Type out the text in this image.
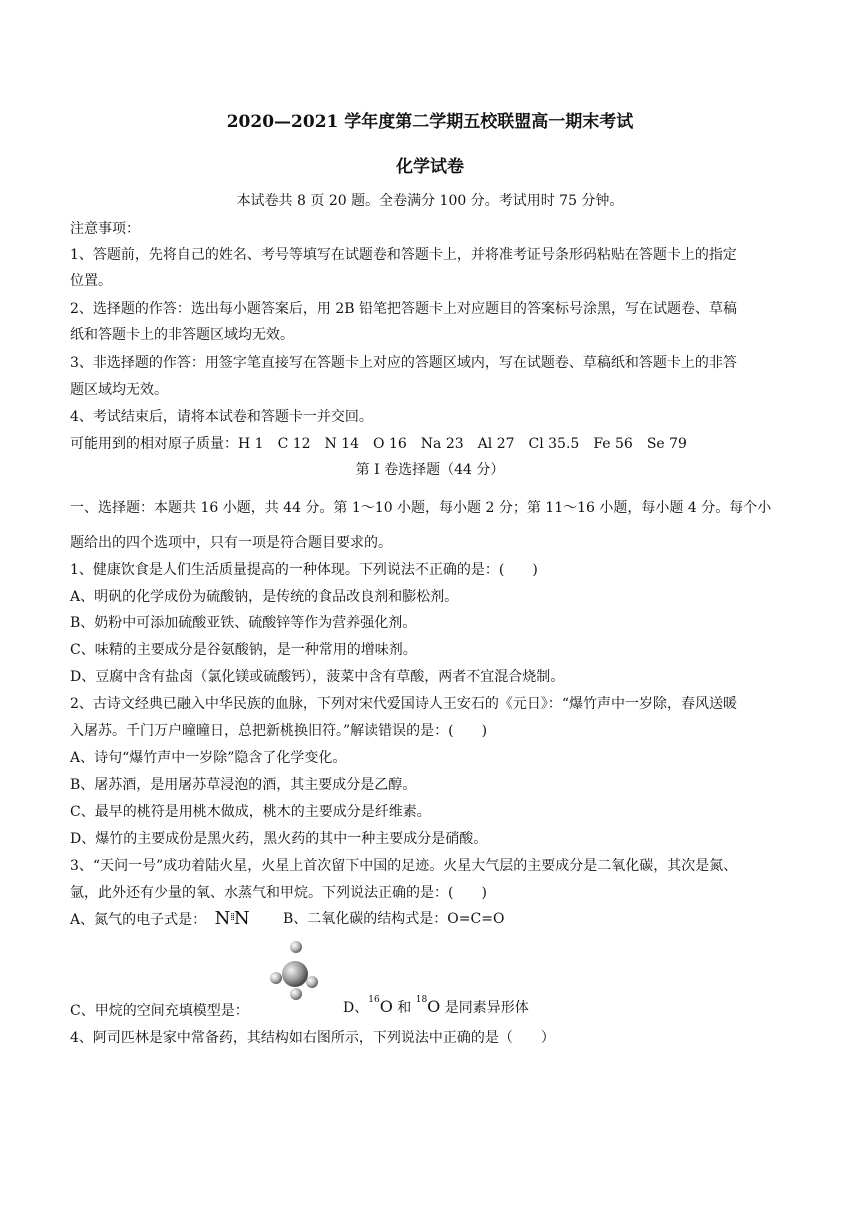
2020—2021 学年度第二学期五校联盟高一期末考试
化学试卷
本试卷共 8 页 20 题。全卷满分 100 分。考试用时 75 分钟。
注意事项：
1、答题前，先将自己的姓名、考号等填写在试题卷和答题卡上，并将准考证号条形码粘贴在答题卡上的指定
位置。
2、选择题的作答：选出每小题答案后，用 2B 铅笔把答题卡上对应题目的答案标号涂黑，写在试题卷、草稿
纸和答题卡上的非答题区域均无效。
3、非选择题的作答：用签字笔直接写在答题卡上对应的答题区域内，写在试题卷、草稿纸和答题卡上的非答
题区域均无效。
4、考试结束后，请将本试卷和答题卡一并交回。
可能用到的相对原子质量：H 1　C 12　N 14　O 16　Na 23　Al 27　Cl 35.5　Fe 56　Se 79
第 Ⅰ 卷选择题（44 分）
一、选择题：本题共 16 小题，共 44 分。第 1～10 小题，每小题 2 分；第 11～16 小题，每小题 4 分。每个小
题给出的四个选项中，只有一项是符合题目要求的。
1、健康饮食是人们生活质量提高的一种体现。下列说法不正确的是：(　　)
A、明矾的化学成份为硫酸钠，是传统的食品改良剂和膨松剂。
B、奶粉中可添加硫酸亚铁、硫酸锌等作为营养强化剂。
C、味精的主要成分是谷氨酸钠，是一种常用的增味剂。
D、豆腐中含有盐卤（氯化镁或硫酸钙），菠菜中含有草酸，两者不宜混合烧制。
2、古诗文经典已融入中华民族的血脉，下列对宋代爱国诗人王安石的《元日》：“爆竹声中一岁除，春风送暖
入屠苏。千门万户曈曈日，总把新桃换旧符。”解读错误的是：(　　)
A、诗句“爆竹声中一岁除”隐含了化学变化。
B、屠苏酒，是用屠苏草浸泡的酒，其主要成分是乙醇。
C、最早的桃符是用桃木做成，桃木的主要成分是纤维素。
D、爆竹的主要成份是黑火药，黑火药的其中一种主要成分是硝酸。
3、“天问一号”成功着陆火星，火星上首次留下中国的足迹。火星大气层的主要成分是二氧化碳，其次是氮、
氩，此外还有少量的氧、水蒸气和甲烷。下列说法正确的是：(　　)
A、氮气的电子式是： N⁞⁞N B、二氧化碳的结构式是：O=C=O
C、甲烷的空间充填模型是：	D、$^{16}$O 和 $^{18}$O 是同素异形体
4、阿司匹林是家中常备药，其结构如右图所示，下列说法中正确的是（　　）
